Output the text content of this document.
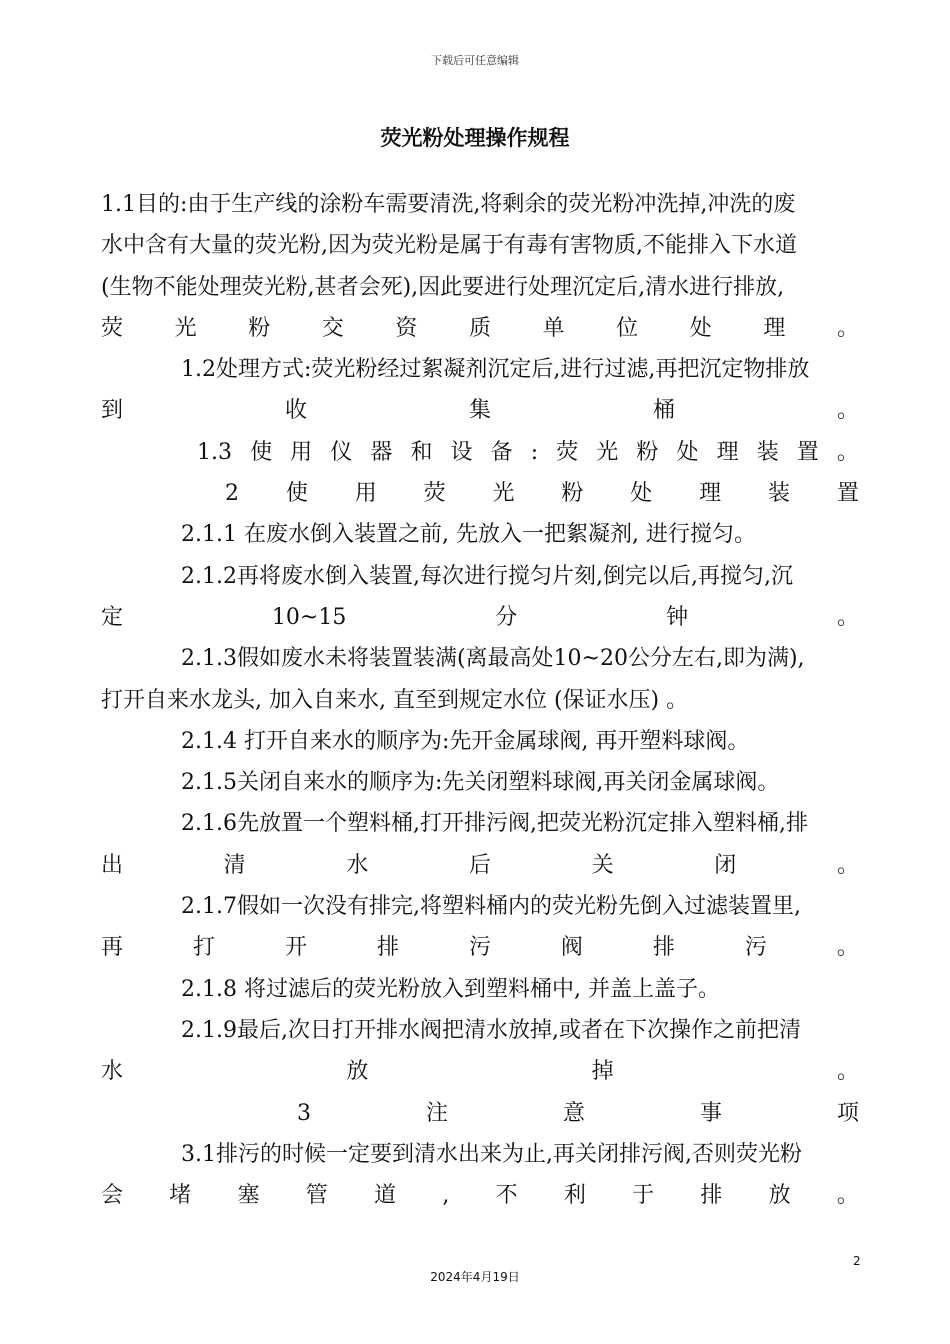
下载后可任意编辑
荧光粉处理操作规程
1.1目的:由于生产线的涂粉车需要清洗,将剩余的荧光粉冲洗掉,冲洗的废
水中含有大量的荧光粉,因为荧光粉是属于有毒有害物质,不能排入下水道
(生物不能处理荧光粉,甚者会死),因此要进行处理沉定后,清水进行排放,
荧 光 粉 交 资 质 单 位 处 理 。
1.2处理方式:荧光粉经过絮凝剂沉定后,进行过滤,再把沉定物排放
到	收	集	桶	。
1.3 使 用 仪 器 和 设 备 : 荧 光 粉 处 理 装 置 。
2 使 用 荧 光 粉 处 理 装 置
2.1.1 在废水倒入装置之前, 先放入一把絮凝剂, 进行搅匀。
2.1.2再将废水倒入装置,每次进行搅匀片刻,倒完以后,再搅匀,沉
定	10~15	分	钟	。
2.1.3假如废水未将装置装满(离最高处10~20公分左右,即为满),
打开自来水龙头, 加入自来水, 直至到规定水位 (保证水压) 。
2.1.4 打开自来水的顺序为:先开金属球阀, 再开塑料球阀。
2.1.5关闭自来水的顺序为:先关闭塑料球阀,再关闭金属球阀。
2.1.6先放置一个塑料桶,打开排污阀,把荧光粉沉定排入塑料桶,排
出	清	水	后	关	闭	。
2.1.7假如一次没有排完,将塑料桶内的荧光粉先倒入过滤装置里,
再	打	开	排	污	阀	排	污	。
2.1.8 将过滤后的荧光粉放入到塑料桶中, 并盖上盖子。
2.1.9最后,次日打开排水阀把清水放掉,或者在下次操作之前把清
水	放	掉	。
3	注	意	事	项
3.1排污的时候一定要到清水出来为止,再关闭排污阀,否则荧光粉
会 堵 塞 管 道 , 不 利 于 排 放 。
2
2024年4月19日
